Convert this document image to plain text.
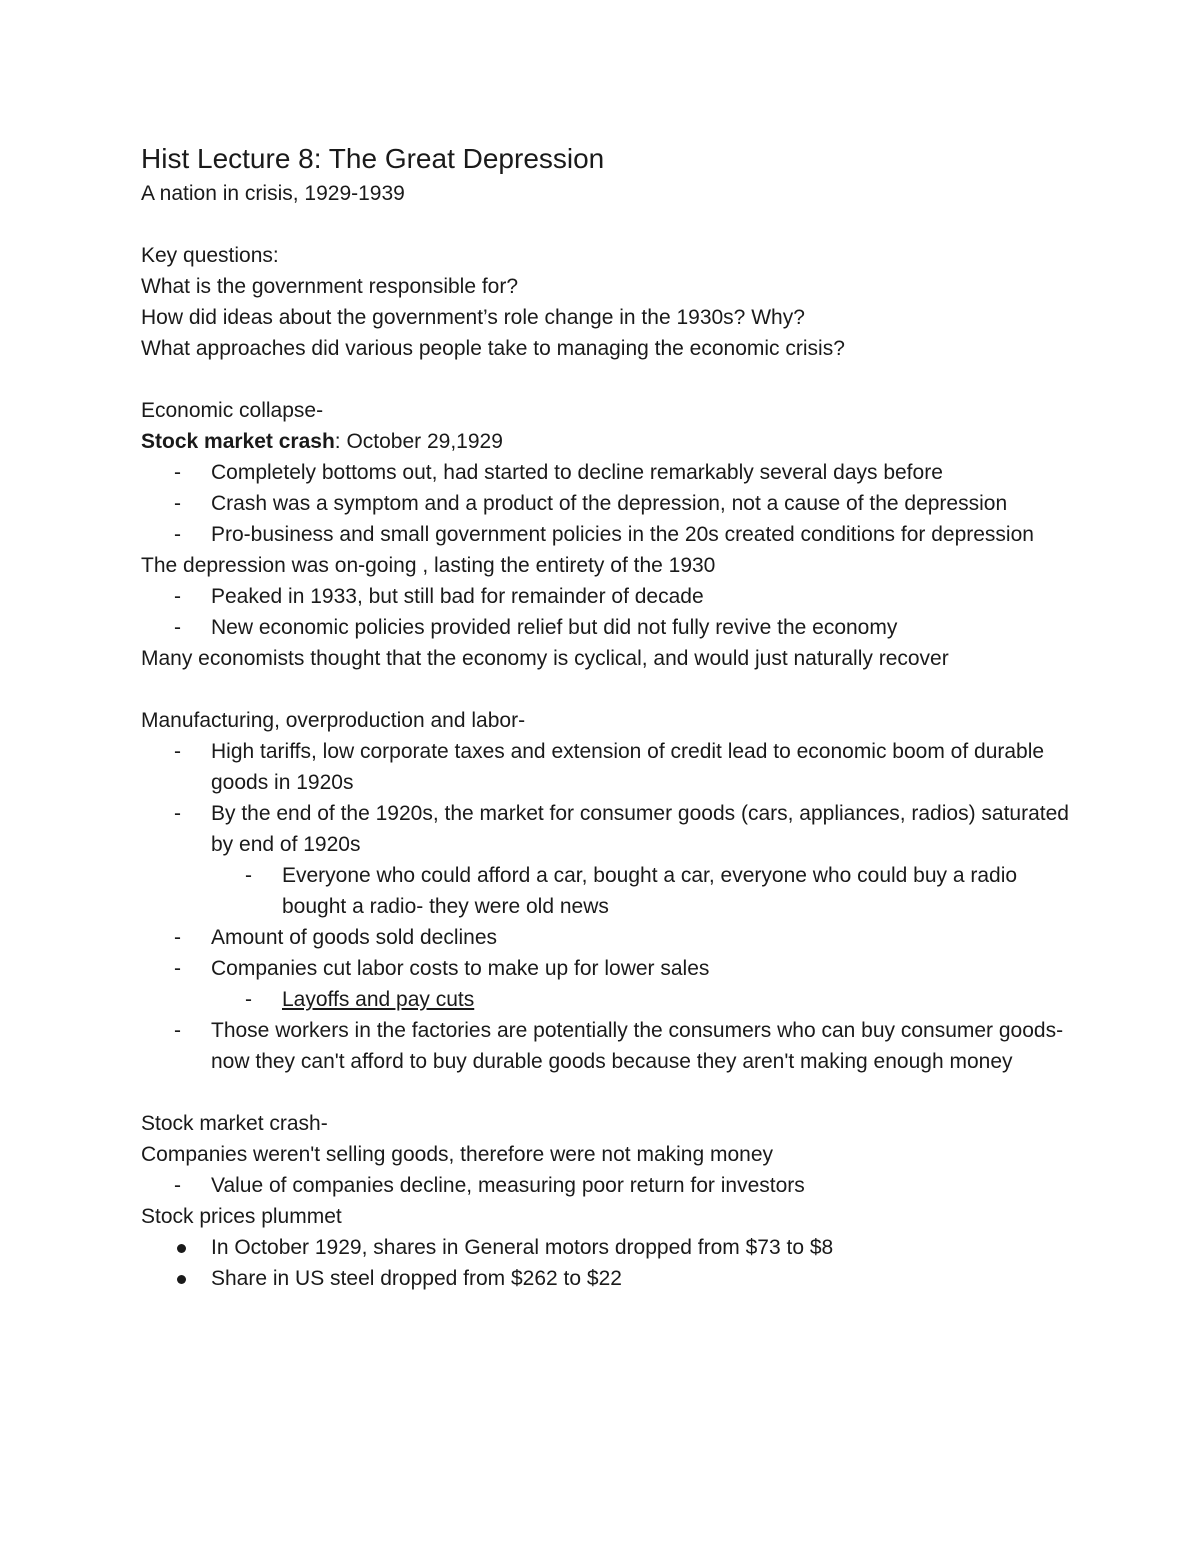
Hist Lecture 8: The Great Depression

A nation in crisis, 1929-1939

Key questions:

What is the government responsible for?

How did ideas about the government’s role change in the 1930s? Why?

What approaches did various people take to managing the economic crisis?

Economic collapse-

Stock market crash: October 29,1929

- Completely bottoms out, had started to decline remarkably several days before
- Crash was a symptom and a product of the depression, not a cause of the depression
- Pro-business and small government policies in the 20s created conditions for depression

The depression was on-going , lasting the entirety of the 1930

- Peaked in 1933, but still bad for remainder of decade
- New economic policies provided relief but did not fully revive the economy

Many economists thought that the economy is cyclical, and would just naturally recover

Manufacturing, overproduction and labor-

- High tariffs, low corporate taxes and extension of credit lead to economic boom of durable goods in 1920s
- By the end of the 1920s, the market for consumer goods (cars, appliances, radios) saturated by end of 1920s
- Everyone who could afford a car, bought a car, everyone who could buy a radio bought a radio- they were old news
- Amount of goods sold declines
- Companies cut labor costs to make up for lower sales
- Layoffs and pay cuts
- Those workers in the factories are potentially the consumers who can buy consumer goods- now they can't afford to buy durable goods because they aren't making enough money

Stock market crash-

Companies weren't selling goods, therefore were not making money

- Value of companies decline, measuring poor return for investors

Stock prices plummet

In October 1929, shares in General motors dropped from $73 to $8
Share in US steel dropped from $262 to $22
